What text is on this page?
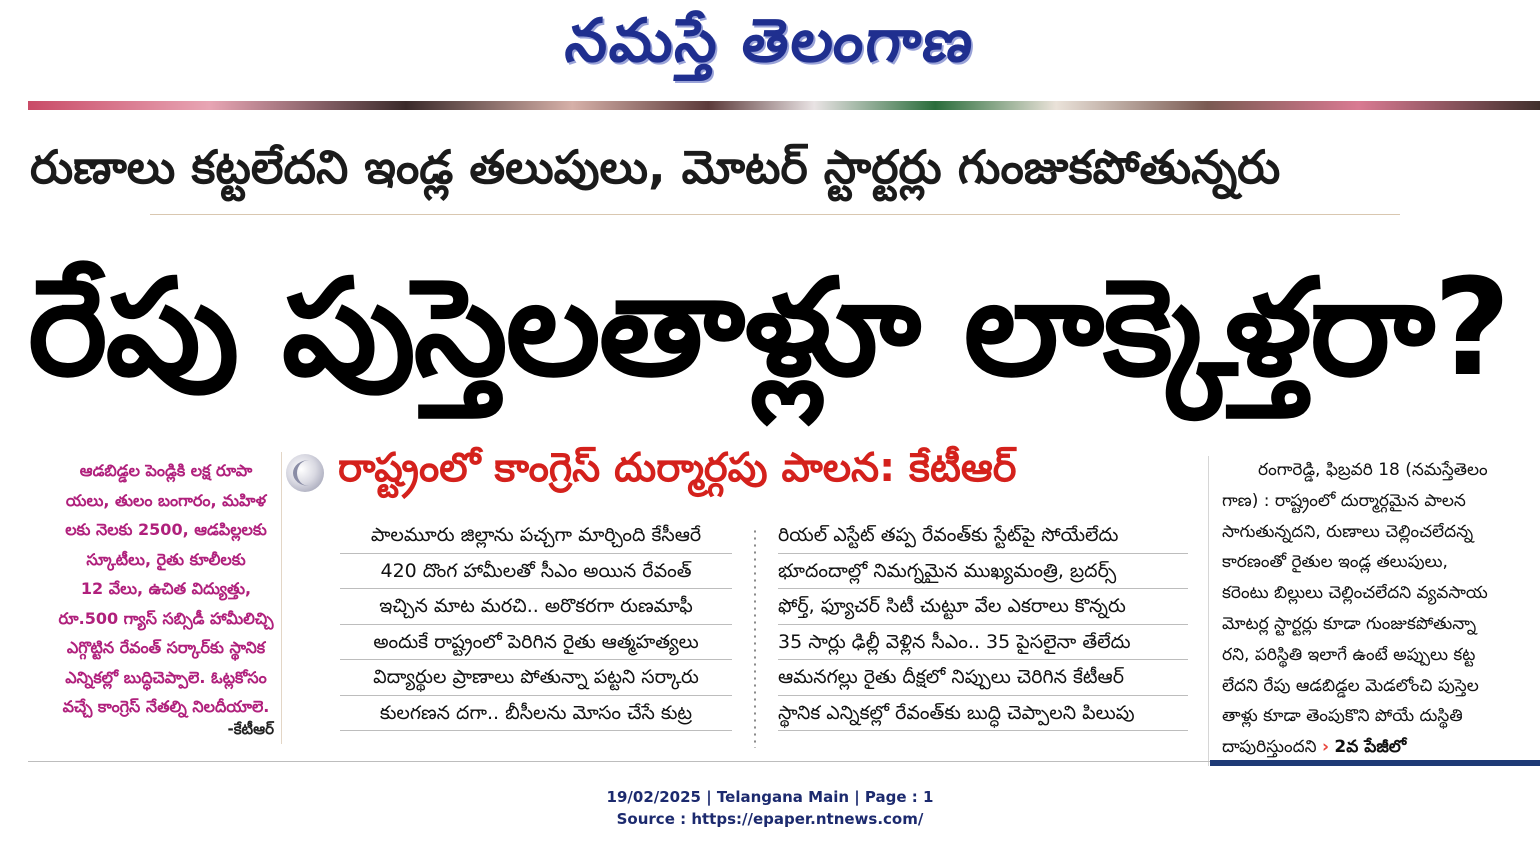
నమస్తే తెలంగాణ
రుణాలు కట్టలేదని ఇండ్ల తలుపులు, మోటర్ స్టార్టర్లు గుంజుకపోతున్నరు
రేపు పుస్తెలతాళ్లూ లాక్కెళ్తరా?
ఆడబిడ్డల పెండ్లికి లక్ష రూపా
యలు, తులం బంగారం, మహిళ
లకు నెలకు 2500, ఆడపిల్లలకు
స్కూటీలు, రైతు కూలీలకు
12 వేలు, ఉచిత విద్యుత్తు,
రూ.500 గ్యాస్ సబ్సిడీ హామీలిచ్చి
ఎగ్గొట్టిన రేవంత్ సర్కార్‌కు స్థానిక
ఎన్నికల్లో బుద్ధిచెప్పాలె. ఓట్లకోసం
వచ్చే కాంగ్రెస్ నేతల్ని నిలదీయాలె.
-కేటీఆర్
రాష్ట్రంలో కాంగ్రెస్ దుర్మార్గపు పాలన: కేటీఆర్
పాలమూరు జిల్లాను పచ్చగా మార్చింది కేసీఆరే
420 దొంగ హామీలతో సీఎం అయిన రేవంత్
ఇచ్చిన మాట మరచి.. అరొకరగా రుణమాఫీ
అందుకే రాష్ట్రంలో పెరిగిన రైతు ఆత్మహత్యలు
విద్యార్థుల ప్రాణాలు పోతున్నా పట్టని సర్కారు
కులగణన దగా.. బీసీలను మోసం చేసే కుట్ర
రియల్ ఎస్టేట్ తప్ప రేవంత్‌కు స్టేట్‌పై సోయేలేదు
భూదందాల్లో నిమగ్నమైన ముఖ్యమంత్రి, బ్రదర్స్
ఫోర్త్, ఫ్యూచర్ సిటీ చుట్టూ వేల ఎకరాలు కొన్నరు
35 సార్లు ఢిల్లీ వెళ్లిన సీఎం.. 35 పైసలైనా తేలేదు
ఆమనగల్లు రైతు దీక్షలో నిప్పులు చెరిగిన కేటీఆర్
స్థానిక ఎన్నికల్లో రేవంత్‌కు బుద్ధి చెప్పాలని పిలుపు
రంగారెడ్డి, ఫిబ్రవరి 18 (నమస్తేతెలం
గాణ) : రాష్ట్రంలో దుర్మార్గమైన పాలన
సాగుతున్నదని, రుణాలు చెల్లించలేదన్న
కారణంతో రైతుల ఇండ్ల తలుపులు,
కరెంటు బిల్లులు చెల్లించలేదని వ్యవసాయ
మోటర్ల స్టార్టర్లు కూడా గుంజుకపోతున్నా
రని, పరిస్థితి ఇలాగే ఉంటే అప్పులు కట్ట
లేదని రేపు ఆడబిడ్డల మెడలోంచి పుస్తెల
తాళ్లు కూడా తెంపుకొని పోయే దుస్థితి
దాపురిస్తుందని › 2వ పేజీలో
19/02/2025 | Telangana Main | Page : 1
Source : https://epaper.ntnews.com/
